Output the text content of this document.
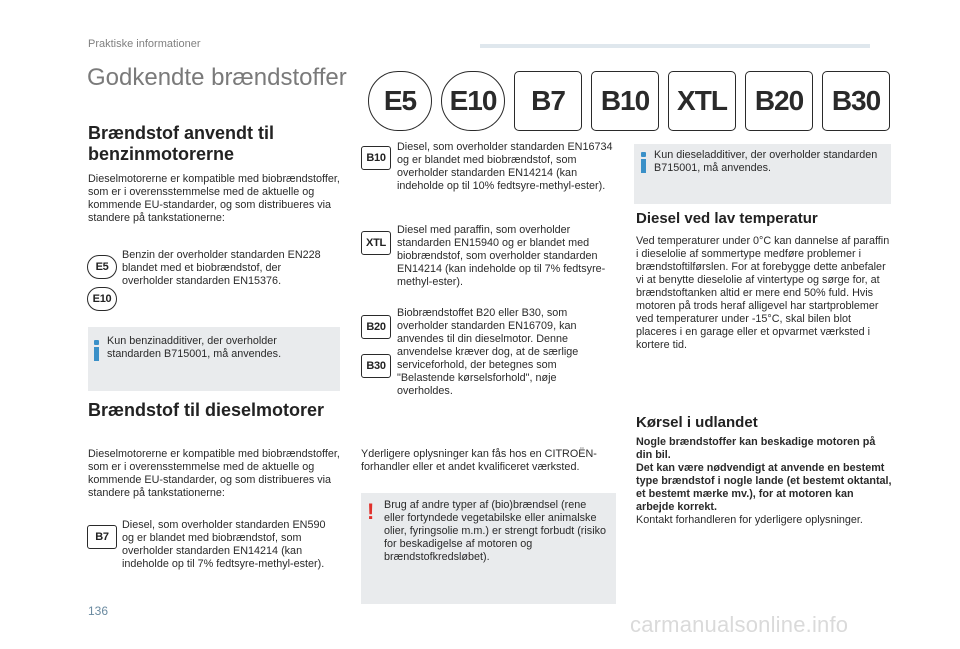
Praktiske informationer
Godkendte brændstoffer
E5	E10	B7	B10 XTL B20	B30
Brændstof anvendt til benzinmotorerne
Dieselmotorerne er kompatible med biobrændstoffer, som er i overensstemmelse med de aktuelle og kommende EU-standarder, og som distribueres via standere på tankstationerne:
E5
E10
Benzin der overholder standarden EN228 blandet med et biobrændstof, der overholder standarden EN15376.
Kun benzinadditiver, der overholder standarden B715001, må anvendes.
Brændstof til dieselmotorer
Dieselmotorerne er kompatible med biobrændstoffer, som er i overensstemmelse med de aktuelle og kommende EU-standarder, og som distribueres via standere på tankstationerne:
B7
Diesel, som overholder standarden EN590 og er blandet med biobrændstof, som overholder standarden EN14214 (kan indeholde op til 7% fedtsyre-methyl-ester).
B10
Diesel, som overholder standarden EN16734 og er blandet med biobrændstof, som overholder standarden EN14214 (kan indeholde op til 10% fedtsyre-methyl-ester).
XTL
Diesel med paraffin, som overholder standarden EN15940 og er blandet med biobrændstof, som overholder standarden EN14214 (kan indeholde op til 7% fedtsyre-methyl-ester).
B20
B30
Biobrændstoffet B20 eller B30, som overholder standarden EN16709, kan anvendes til din dieselmotor. Denne anvendelse kræver dog, at de særlige serviceforhold, der betegnes som "Belastende kørselsforhold", nøje overholdes.
Yderligere oplysninger kan fås hos en CITROËN-forhandler eller et andet kvalificeret værksted.
! Brug af andre typer af (bio)brændsel (rene eller fortyndede vegetabilske eller animalske olier, fyringsolie m.m.) er strengt forbudt (risiko for beskadigelse af motoren og brændstofkredsløbet).
Kun dieseladditiver, der overholder standarden B715001, må anvendes.
Diesel ved lav temperatur
Ved temperaturer under 0°C kan dannelse af paraffin i dieselolie af sommertype medføre problemer i brændstoftilførslen. For at forebygge dette anbefaler vi at benytte dieselolie af vintertype og sørge for, at brændstoftanken altid er mere end 50% fuld. Hvis motoren på trods heraf alligevel har startproblemer ved temperaturer under -15°C, skal bilen blot placeres i en garage eller et opvarmet værksted i kortere tid.
Kørsel i udlandet
Nogle brændstoffer kan beskadige motoren på din bil.
Det kan være nødvendigt at anvende en bestemt type brændstof i nogle lande (et bestemt oktantal, et bestemt mærke mv.), for at motoren kan arbejde korrekt.
Kontakt forhandleren for yderligere oplysninger.
136
carmanualsonline.info
